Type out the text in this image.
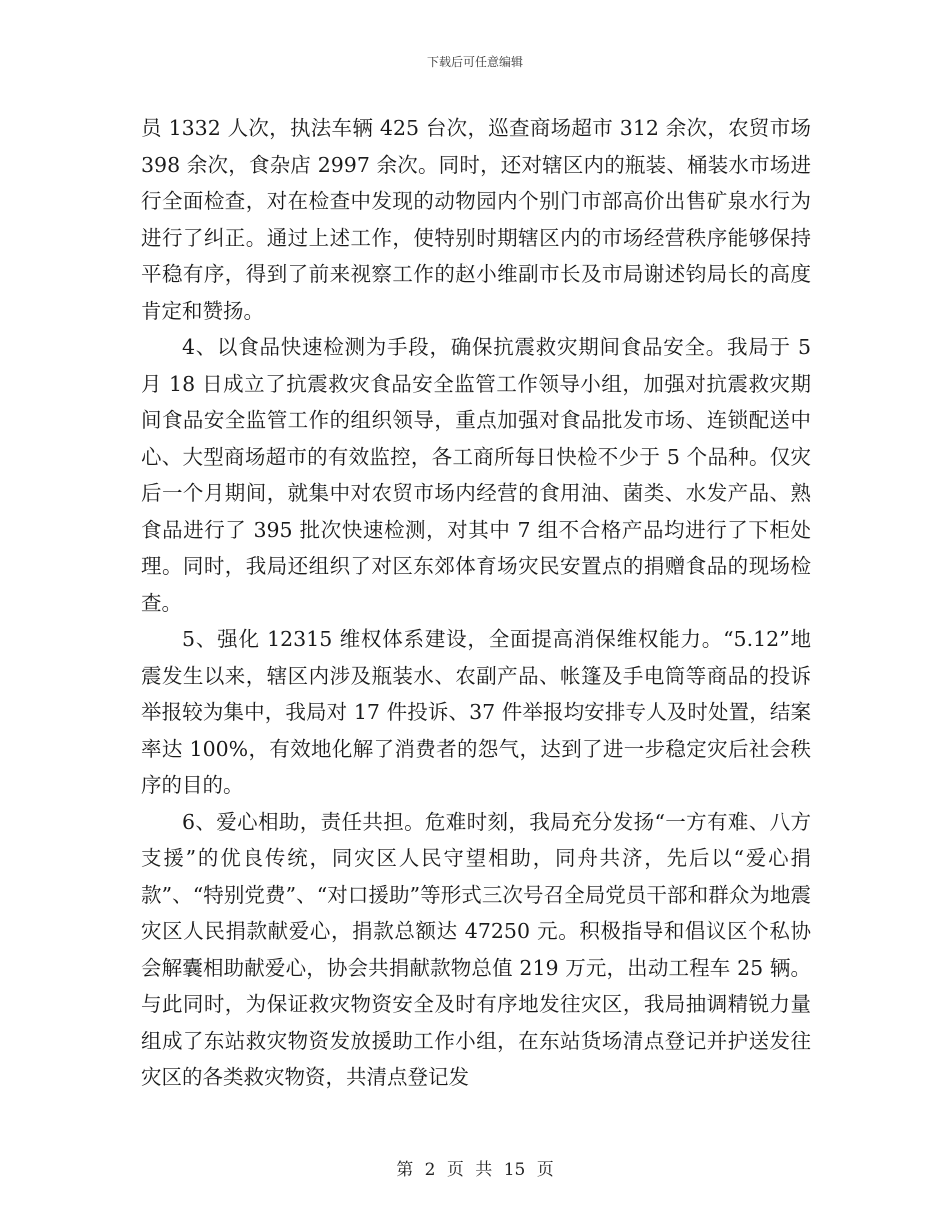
下载后可任意编辑

员 1332 人次，执法车辆 425 台次，巡查商场超市 312 余次，农贸市场 398 余次，食杂店 2997 余次。同时，还对辖区内的瓶装、桶装水市场进行全面检查，对在检查中发现的动物园内个别门市部高价出售矿泉水行为进行了纠正。通过上述工作，使特别时期辖区内的市场经营秩序能够保持平稳有序，得到了前来视察工作的赵小维副市长及市局谢述钧局长的高度肯定和赞扬。

4、以食品快速检测为手段，确保抗震救灾期间食品安全。我局于 5 月 18 日成立了抗震救灾食品安全监管工作领导小组，加强对抗震救灾期间食品安全监管工作的组织领导，重点加强对食品批发市场、连锁配送中心、大型商场超市的有效监控，各工商所每日快检不少于 5 个品种。仅灾后一个月期间，就集中对农贸市场内经营的食用油、菌类、水发产品、熟食品进行了 395 批次快速检测，对其中 7 组不合格产品均进行了下柜处理。同时，我局还组织了对区东郊体育场灾民安置点的捐赠食品的现场检查。

5、强化 12315 维权体系建设，全面提高消保维权能力。“5.12”地震发生以来，辖区内涉及瓶装水、农副产品、帐篷及手电筒等商品的投诉举报较为集中，我局对 17 件投诉、37 件举报均安排专人及时处置，结案率达 100%，有效地化解了消费者的怨气，达到了进一步稳定灾后社会秩序的目的。

6、爱心相助，责任共担。危难时刻，我局充分发扬“一方有难、八方支援”的优良传统，同灾区人民守望相助，同舟共济，先后以“爱心捐款”、“特别党费”、“对口援助”等形式三次号召全局党员干部和群众为地震灾区人民捐款献爱心，捐款总额达 47250 元。积极指导和倡议区个私协会解囊相助献爱心，协会共捐献款物总值 219 万元，出动工程车 25 辆。与此同时，为保证救灾物资安全及时有序地发往灾区，我局抽调精锐力量组成了东站救灾物资发放援助工作小组，在东站货场清点登记并护送发往灾区的各类救灾物资，共清点登记发

第 2 页 共 15 页
